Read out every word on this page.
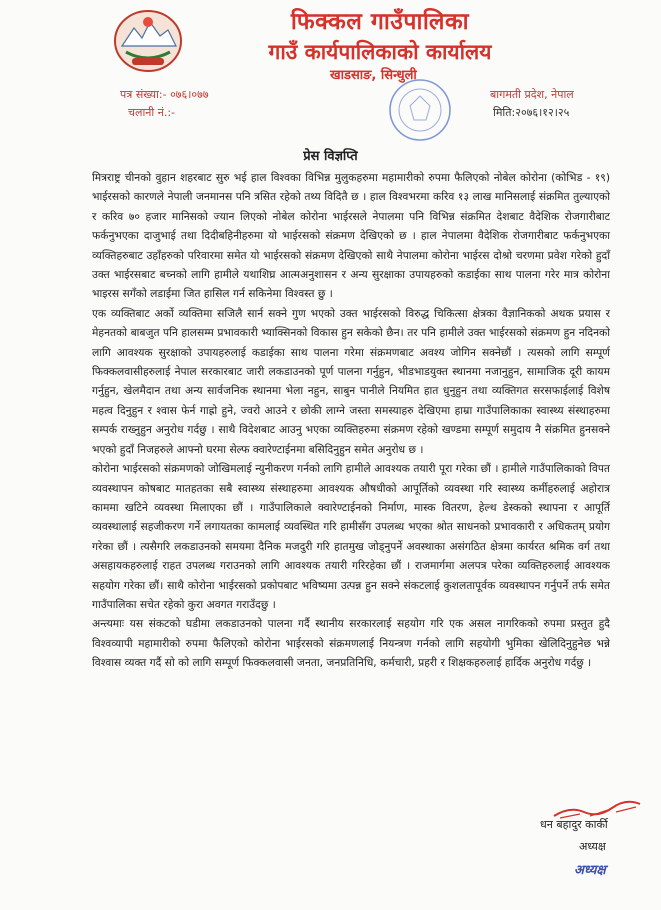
फिक्कल गाउँपालिका
गाउँ कार्यपालिकाको कार्यालय
खाडसाङ, सिन्धुली
पत्र संख्या:- ०७६।०७७
चलानी नं.:-
बागमती प्रदेश, नेपाल
मिति:२०७६।१२।२५
प्रेस विज्ञप्ति

मित्रराष्ट्र चीनको वुहान शहरबाट सुरु भई हाल विश्वका विभिन्न मुलुकहरुमा महामारीको रुपमा फैलिएको नोबेल कोरोना (कोभिड - १९) भाईरसको कारणले नेपाली जनमानस पनि त्रसित रहेको तथ्य विदितै छ । हाल विश्वभरमा करिव १३ लाख मानिसलाई संक्रमित तुल्याएको र करिव ७० हजार मानिसको ज्यान लिएको नोबेल कोरोना भाईरसले नेपालमा पनि विभिन्न संक्रमित देशबाट वैदेशिक रोजगारीबाट फर्कनुभएका दाजुभाई तथा दिदीबहिनीहरुमा यो भाईरसको संक्रमण देखिएको छ । हाल नेपालमा वैदेशिक रोजगारीबाट फर्कनुभएका व्यक्तिहरुबाट उहाँहरुको परिवारमा समेत यो भाईरसको संक्रमण देखिएको साथै नेपालमा कोरोना भाईरस दोश्रो चरणमा प्रवेश गरेको हुदाँ उक्त भाईरसबाट बच्नको लागि हामीले यथाशिघ्र आत्मअनुशासन र अन्य सुरक्षाका उपायहरुको कडाईका साथ पालना गरेर मात्र कोरोना भाइरस सगँको लडाईमा जित हासिल गर्न सकिनेमा विश्वस्त छु ।

एक व्यक्तिबाट अर्को व्यक्तिमा सजिलै सार्न सक्ने गुण भएको उक्त भाईरसको विरुद्ध चिकित्सा क्षेत्रका वैज्ञानिकको अथक प्रयास र मेहनतको बाबजुत पनि हालसम्म प्रभावकारी भ्याक्सिनको विकास हुन सकेको छैन। तर पनि हामीले उक्त भाईरसको संक्रमण हुन नदिनको लागि आवश्यक सुरक्षाको उपायहरुलाई कडाईका साथ पालना गरेमा संक्रमणबाट अवश्य जोगिन सक्नेछौं । त्यसको लागि सम्पूर्ण फिक्कलवासीहरुलाई नेपाल सरकारबाट जारी लकडाउनको पूर्ण पालना गर्नुहुन, भीडभाडयुक्त स्थानमा नजानुहुन, सामाजिक दूरी कायम गर्नुहुन, खेलमैदान तथा अन्य सार्वजनिक स्थानमा भेला नहुन, साबुन पानीले नियमित हात धुनुहुन तथा व्यक्तिगत सरसफाईलाई विशेष महत्व दिनुहुन र श्वास फेर्न गाह्रो हुने, ज्वरो आउने र छोकी लाग्ने जस्ता समस्याहरु देखिएमा हाम्रा गाउँपालिकाका स्वास्थ्य संस्थाहरुमा सम्पर्क राख्नुहुन अनुरोध गर्दछु । साथै विदेशबाट आउनु भएका व्यक्तिहरुमा संक्रमण रहेको खण्डमा सम्पूर्ण समुदाय नै संक्रमित हुनसक्ने भएको हुदाँ निजहरुले आफ्नो घरमा सेल्फ क्वारेण्टाईनमा बसिदिनुहुन समेत अनुरोध छ ।

कोरोना भाईरसको संक्रमणको जोखिमलाई न्युनीकरण गर्नको लागि हामीले आवश्यक तयारी पूरा गरेका छौं । हामीले गाउँपालिकाको विपत व्यवस्थापन कोषबाट मातहतका सबै स्वास्थ्य संस्थाहरुमा आवश्यक औषधीको आपूर्तिको व्यवस्था गरि स्वास्थ्य कर्मीहरुलाई अहोरात्र काममा खटिने व्यवस्था मिलाएका छौं । गाउँपालिकाले क्वारेण्टाईनको निर्माण, मास्क वितरण, हेल्थ डेस्कको स्थापना र आपूर्ति व्यवस्थालाई सहजीकरण गर्ने लगायतका कामलाई व्यवस्थित गरि हामीसँग उपलब्ध भएका श्रोत साधनको प्रभावकारी र अधिकतम् प्रयोग गरेका छौं । त्यसैगरि लकडाउनको समयमा दैनिक मजदुरी गरि हातमुख जोड्नुपर्ने अवस्थाका असंगठित क्षेत्रमा कार्यरत श्रमिक वर्ग तथा असहायकहरुलाई राहत उपलब्ध गराउनको लागि आवश्यक तयारी गरिरहेका छौं । राजमार्गमा अलपत्र परेका व्यक्तिहरुलाई आवश्यक सहयोग गरेका छौं। साथै कोरोना भाईरसको प्रकोपबाट भविष्यमा उत्पन्न हुन सक्ने संकटलाई कुशलतापूर्वक व्यवस्थापन गर्नुपर्ने तर्फ समेत गाउँपालिका सचेत रहेको कुरा अवगत गराउँदछु ।

अन्त्यमाः यस संकटको घडीमा लकडाउनको पालना गर्दै स्थानीय सरकारलाई सहयोग गरि एक असल नागरिकको रुपमा प्रस्तुत हुदै विश्वव्यापी महामारीको रुपमा फैलिएको कोरोना भाईरसको संक्रमणलाई नियन्त्रण गर्नको लागि सहयोगी भुमिका खेलिदिनुहुनेछ भन्ने विश्वास व्यक्त गर्दै सो को लागि सम्पूर्ण फिक्कलवासी जनता, जनप्रतिनिधि, कर्मचारी, प्रहरी र शिक्षकहरुलाई हार्दिक अनुरोध गर्दछु ।

धन बहादुर कार्की
अध्यक्ष
अध्यक्ष
